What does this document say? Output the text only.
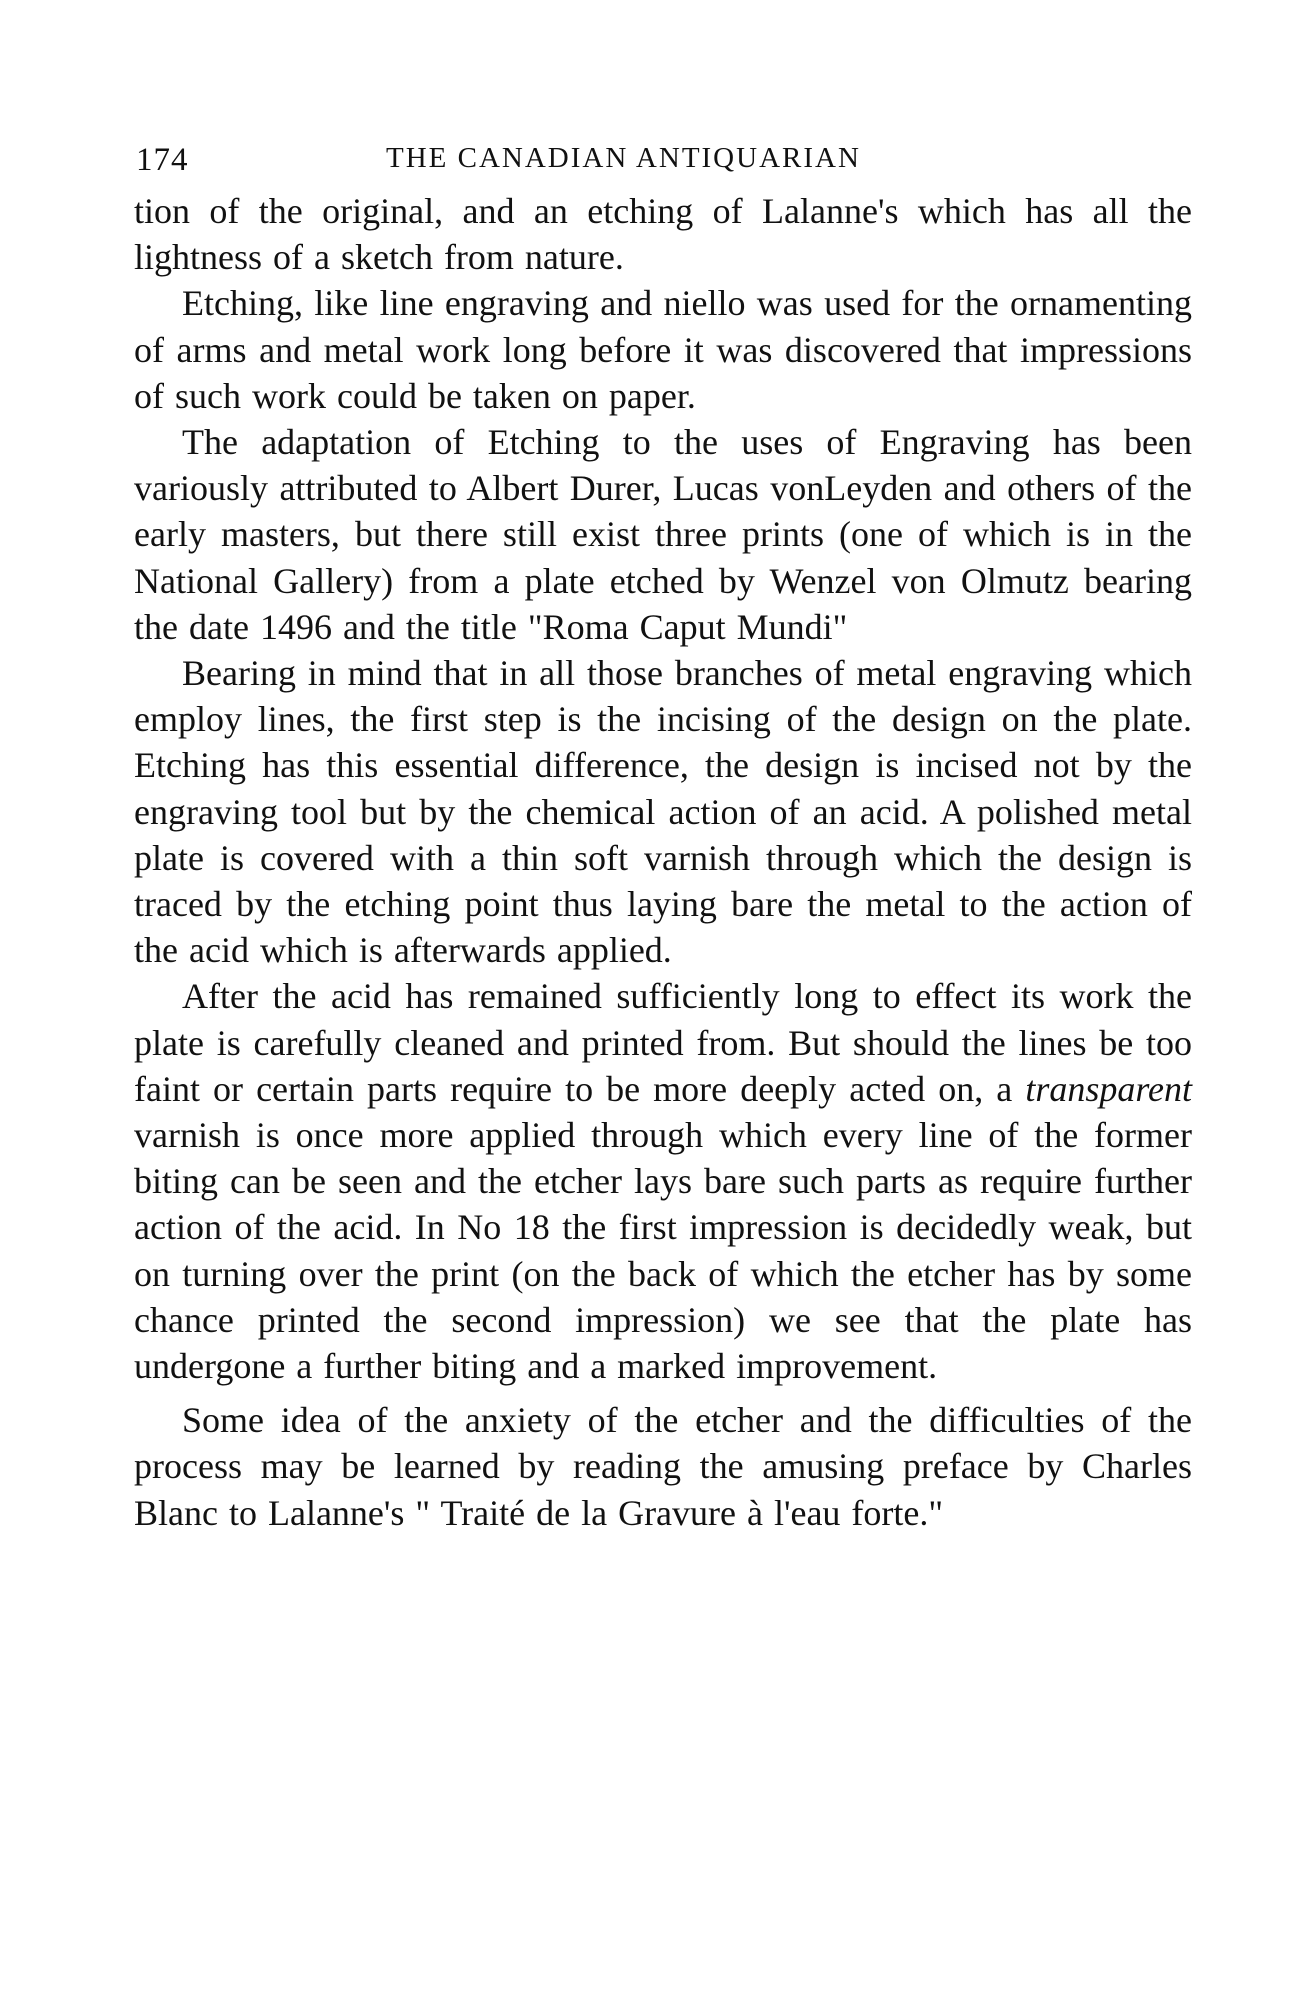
174	THE CANADIAN ANTIQUARIAN

tion of the original, and an etching of Lalanne's which has all the lightness of a sketch from nature.

Etching, like line engraving and niello was used for the ornamenting of arms and metal work long before it was discovered that impressions of such work could be taken on paper.

The adaptation of Etching to the uses of Engraving has been variously attributed to Albert Durer, Lucas vonLeyden and others of the early masters, but there still exist three prints (one of which is in the National Gallery) from a plate etched by Wenzel von Olmutz bearing the date 1496 and the title "Roma Caput Mundi"

Bearing in mind that in all those branches of metal engraving which employ lines, the first step is the incising of the design on the plate. Etching has this essential difference, the design is incised not by the engraving tool but by the chemical action of an acid. A polished metal plate is covered with a thin soft varnish through which the design is traced by the etching point thus laying bare the metal to the action of the acid which is afterwards applied.

After the acid has remained sufficiently long to effect its work the plate is carefully cleaned and printed from. But should the lines be too faint or certain parts require to be more deeply acted on, a transparent varnish is once more applied through which every line of the former biting can be seen and the etcher lays bare such parts as require further action of the acid. In No 18 the first impression is decidedly weak, but on turning over the print (on the back of which the etcher has by some chance printed the second impression) we see that the plate has undergone a further biting and a marked improvement.

Some idea of the anxiety of the etcher and the difficulties of the process may be learned by reading the amusing preface by Charles Blanc to Lalanne's " Traité de la Gravure à l'eau forte."
